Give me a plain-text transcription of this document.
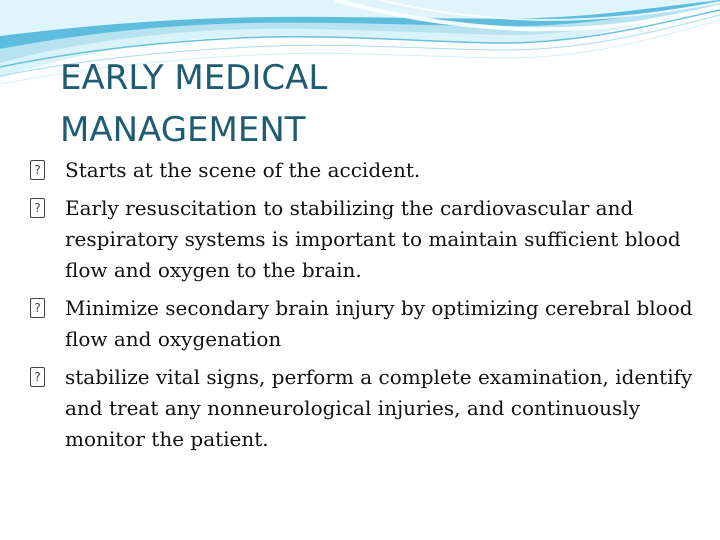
EARLY MEDICAL
MANAGEMENT
?
Starts at the scene of the accident.
?
Early resuscitation to stabilizing the cardiovascular and respiratory systems is important to maintain sufficient blood flow and oxygen to the brain.
?
Minimize secondary brain injury by optimizing cerebral blood flow and oxygenation
?
stabilize vital signs, perform a complete examination, identify and treat any nonneurological injuries, and continuously monitor the patient.
